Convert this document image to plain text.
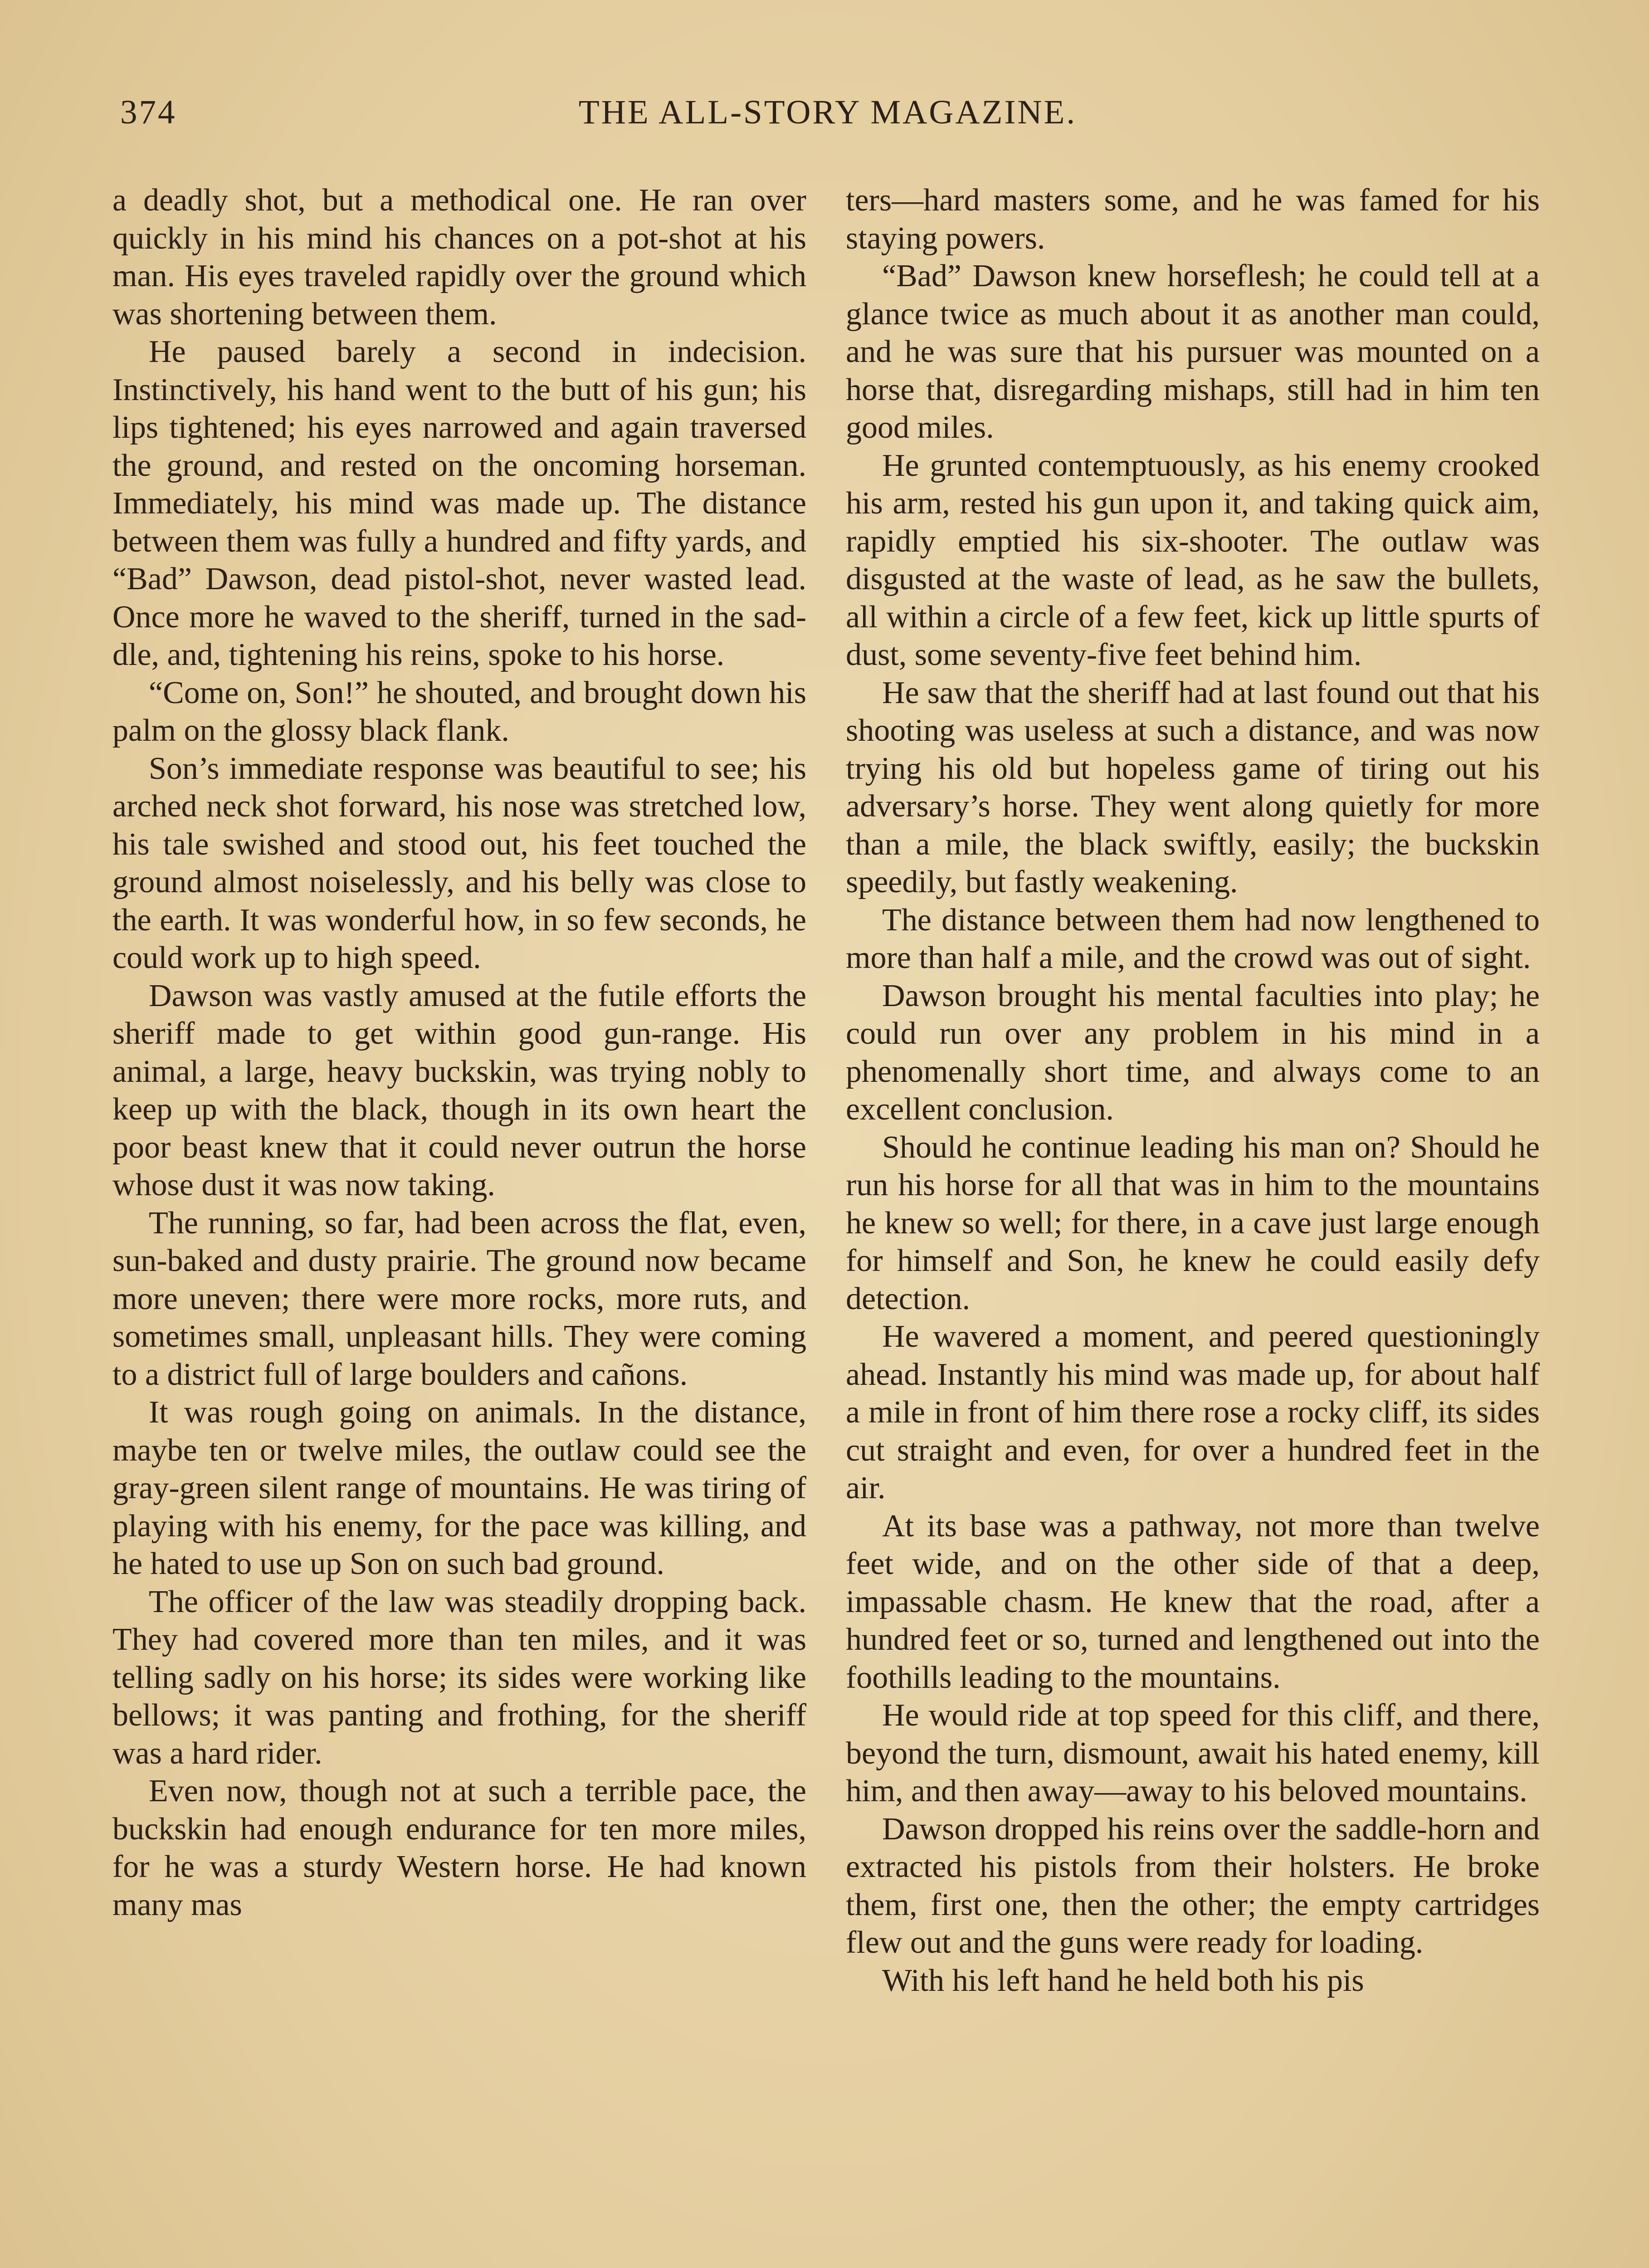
374	THE ALL-STORY MAGAZINE.

a deadly shot, but a methodical one. He ran over quickly in his mind his chances on a pot-shot at his man. His eyes traveled rapidly over the ground which was shortening between them.

He paused barely a second in indecision. Instinctively, his hand went to the butt of his gun; his lips tightened; his eyes narrowed and again traversed the ground, and rested on the oncoming horseman. Immediately, his mind was made up. The distance between them was fully a hundred and fifty yards, and “Bad” Dawson, dead pistol-shot, never wasted lead. Once more he waved to the sheriff, turned in the saddle, and, tightening his reins, spoke to his horse.

“Come on, Son!” he shouted, and brought down his palm on the glossy black flank.

Son’s immediate response was beautiful to see; his arched neck shot forward, his nose was stretched low, his tale swished and stood out, his feet touched the ground almost noiselessly, and his belly was close to the earth. It was wonderful how, in so few seconds, he could work up to high speed.

Dawson was vastly amused at the futile efforts the sheriff made to get within good gun-range. His animal, a large, heavy buckskin, was trying nobly to keep up with the black, though in its own heart the poor beast knew that it could never outrun the horse whose dust it was now taking.

The running, so far, had been across the flat, even, sun-baked and dusty prairie. The ground now became more uneven; there were more rocks, more ruts, and sometimes small, unpleasant hills. They were coming to a district full of large boulders and cañons.

It was rough going on animals. In the distance, maybe ten or twelve miles, the outlaw could see the gray-green silent range of mountains. He was tiring of playing with his enemy, for the pace was killing, and he hated to use up Son on such bad ground.

The officer of the law was steadily dropping back. They had covered more than ten miles, and it was telling sadly on his horse; its sides were working like bellows; it was panting and frothing, for the sheriff was a hard rider.

Even now, though not at such a terrible pace, the buckskin had enough endurance for ten more miles, for he was a sturdy Western horse. He had known many mas

ters—hard masters some, and he was famed for his staying powers.

“Bad” Dawson knew horseflesh; he could tell at a glance twice as much about it as another man could, and he was sure that his pursuer was mounted on a horse that, disregarding mishaps, still had in him ten good miles.

He grunted contemptuously, as his enemy crooked his arm, rested his gun upon it, and taking quick aim, rapidly emptied his six-shooter. The outlaw was disgusted at the waste of lead, as he saw the bullets, all within a circle of a few feet, kick up little spurts of dust, some seventy-five feet behind him.

He saw that the sheriff had at last found out that his shooting was useless at such a distance, and was now trying his old but hopeless game of tiring out his adversary’s horse. They went along quietly for more than a mile, the black swiftly, easily; the buckskin speedily, but fastly weakening.

The distance between them had now lengthened to more than half a mile, and the crowd was out of sight.

Dawson brought his mental faculties into play; he could run over any problem in his mind in a phenomenally short time, and always come to an excellent conclusion.

Should he continue leading his man on? Should he run his horse for all that was in him to the mountains he knew so well; for there, in a cave just large enough for himself and Son, he knew he could easily defy detection.

He wavered a moment, and peered questioningly ahead. Instantly his mind was made up, for about half a mile in front of him there rose a rocky cliff, its sides cut straight and even, for over a hundred feet in the air.

At its base was a pathway, not more than twelve feet wide, and on the other side of that a deep, impassable chasm. He knew that the road, after a hundred feet or so, turned and lengthened out into the foothills leading to the mountains.

He would ride at top speed for this cliff, and there, beyond the turn, dismount, await his hated enemy, kill him, and then away—away to his beloved mountains.

Dawson dropped his reins over the saddle-horn and extracted his pistols from their holsters. He broke them, first one, then the other; the empty cartridges flew out and the guns were ready for loading.

With his left hand he held both his pis
